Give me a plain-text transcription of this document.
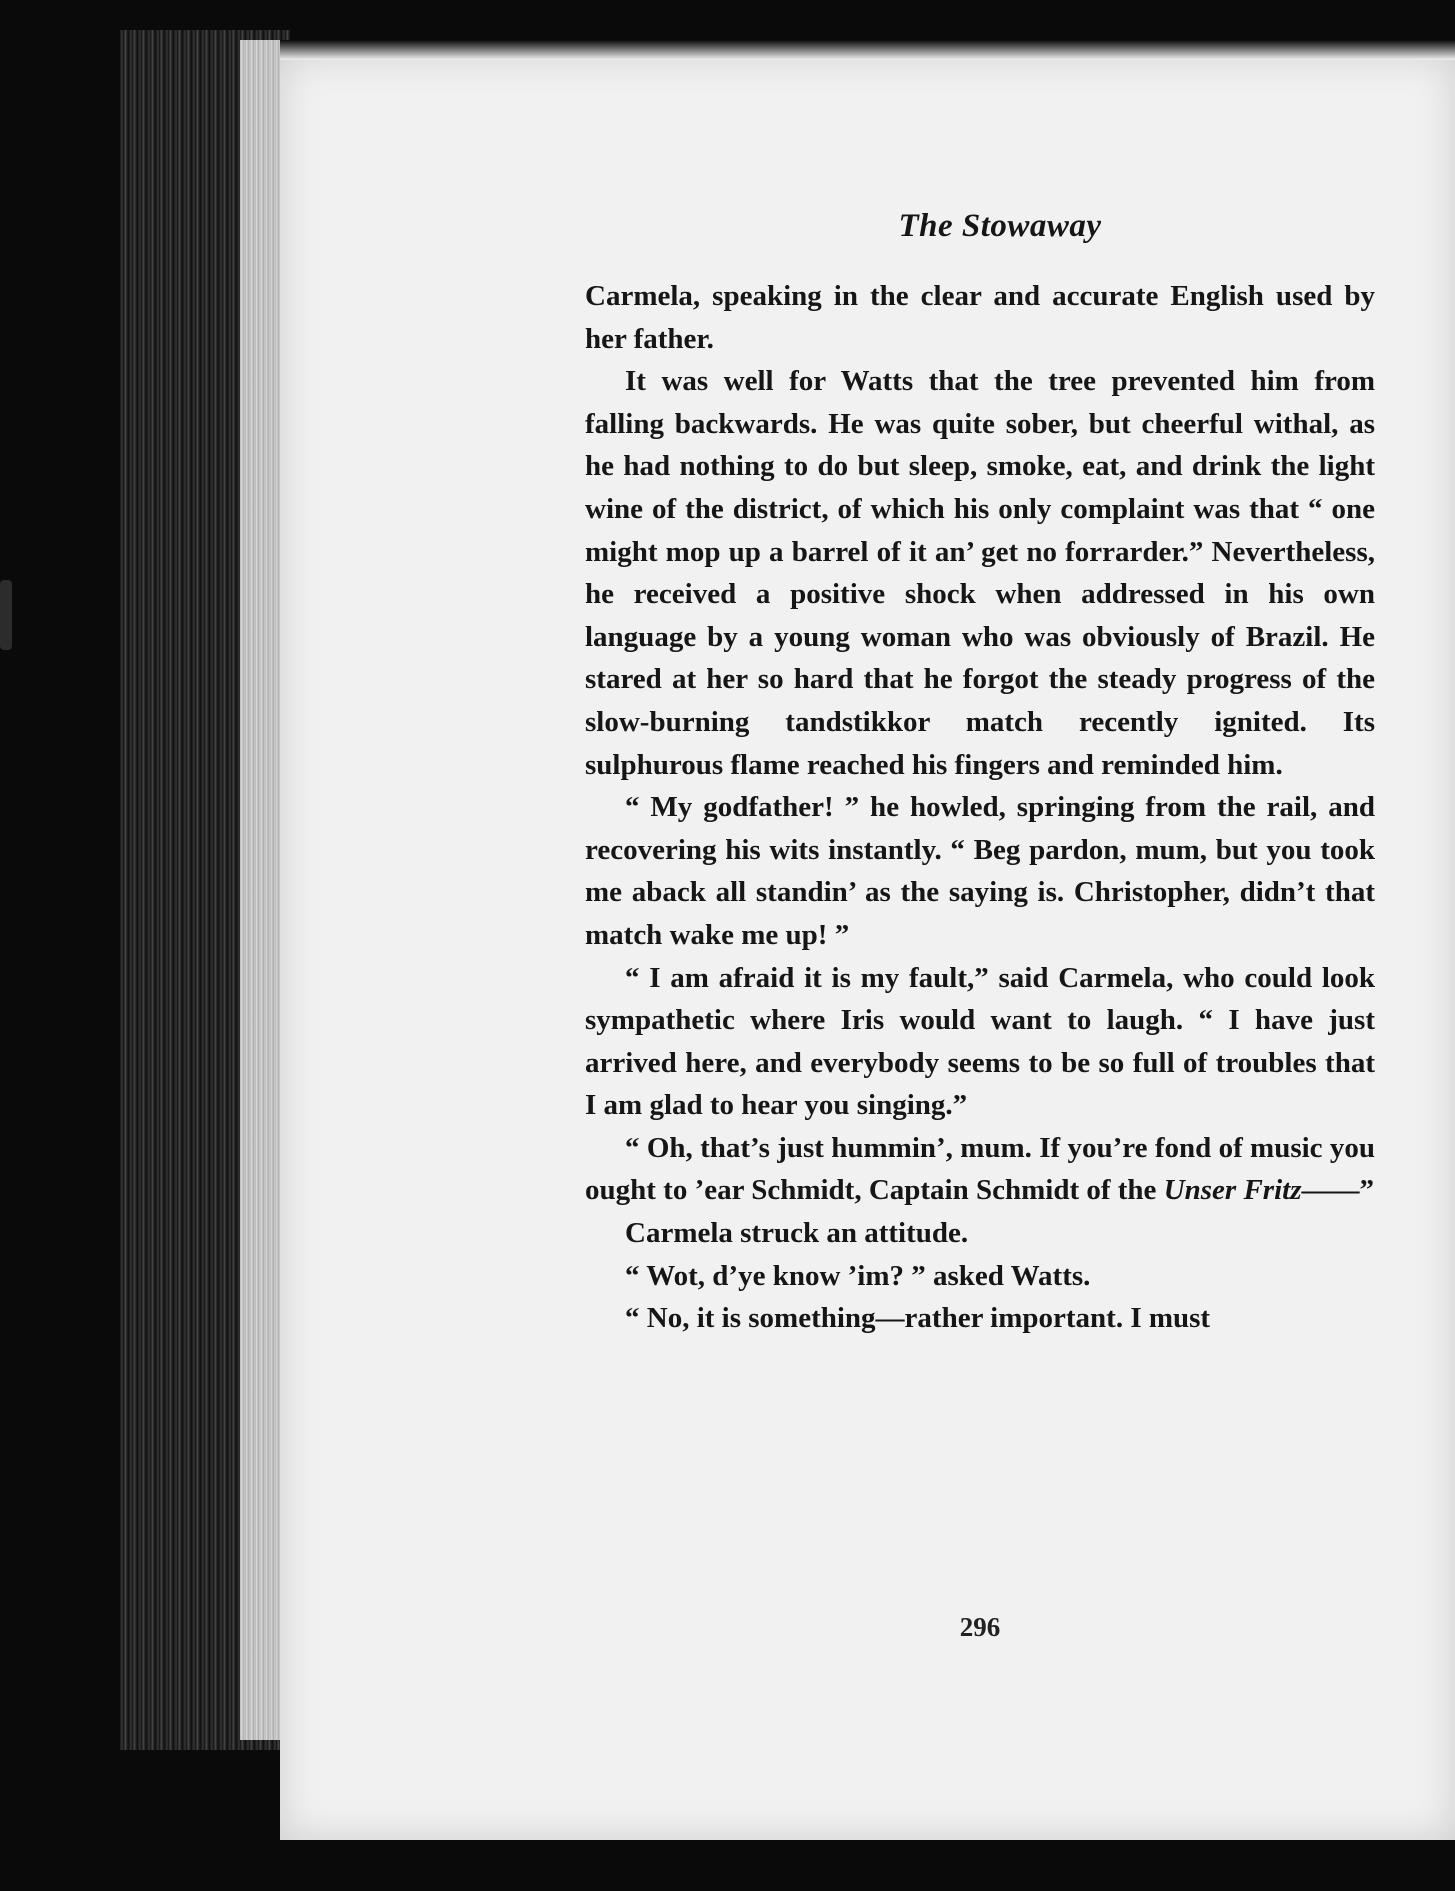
The Stowaway

Carmela, speaking in the clear and accurate English used by her father.

It was well for Watts that the tree prevented him from falling backwards. He was quite sober, but cheerful withal, as he had nothing to do but sleep, smoke, eat, and drink the light wine of the district, of which his only complaint was that “ one might mop up a barrel of it an’ get no forrarder.” Nevertheless, he received a positive shock when addressed in his own language by a young woman who was obviously of Brazil. He stared at her so hard that he forgot the steady progress of the slow-burning tandstikkor match recently ignited. Its sulphurous flame reached his fingers and reminded him.

“ My godfather! ” he howled, springing from the rail, and recovering his wits instantly. “ Beg pardon, mum, but you took me aback all standin’ as the saying is. Christopher, didn’t that match wake me up! ”

“ I am afraid it is my fault,” said Carmela, who could look sympathetic where Iris would want to laugh. “ I have just arrived here, and everybody seems to be so full of troubles that I am glad to hear you singing.”

“ Oh, that’s just hummin’, mum. If you’re fond of music you ought to ’ear Schmidt, Captain Schmidt of the Unser Fritz——”

Carmela struck an attitude.

“ Wot, d’ye know ’im? ” asked Watts.

“ No, it is something—rather important. I must

296
